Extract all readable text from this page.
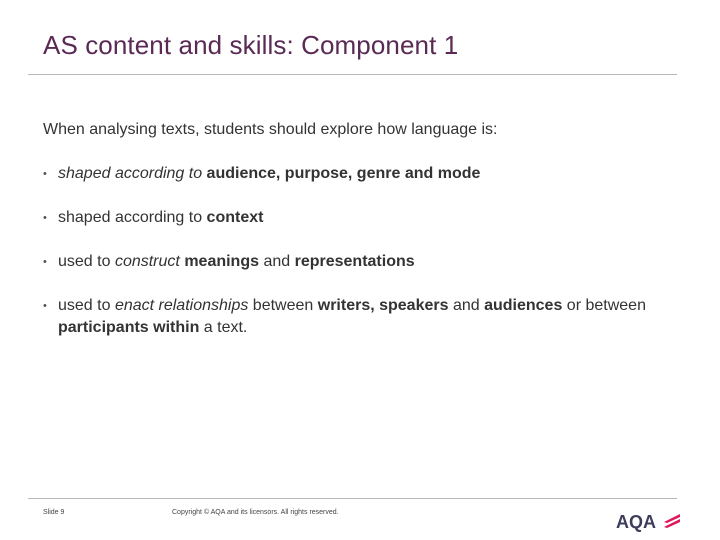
AS content and skills: Component 1
When analysing texts, students should explore how language is:
• shaped according to audience, purpose, genre and mode
• shaped according to context
• used to construct meanings and representations
• used to enact relationships between writers, speakers and audiences or between participants within a text.
Slide 9	Copyright © AQA and its licensors. All rights reserved.	AQA
